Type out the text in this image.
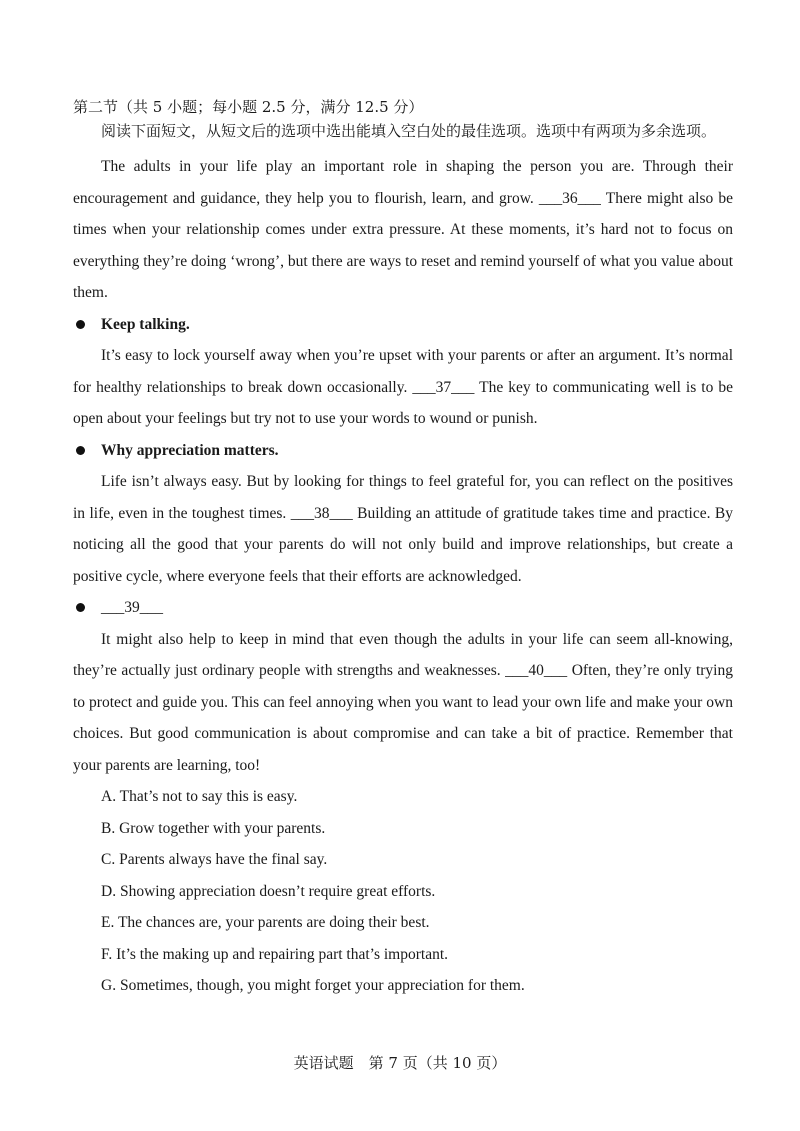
第二节（共 5 小题；每小题 2.5 分，满分 12.5 分）

阅读下面短文，从短文后的选项中选出能填入空白处的最佳选项。选项中有两项为多余选项。

The adults in your life play an important role in shaping the person you are. Through their encouragement and guidance, they help you to flourish, learn, and grow. ___36___ There might also be times when your relationship comes under extra pressure. At these moments, it’s hard not to focus on everything they’re doing ‘wrong’, but there are ways to reset and remind yourself of what you value about them.

Keep talking.

It’s easy to lock yourself away when you’re upset with your parents or after an argument. It’s normal for healthy relationships to break down occasionally. ___37___ The key to communicating well is to be open about your feelings but try not to use your words to wound or punish.

Why appreciation matters.

Life isn’t always easy. But by looking for things to feel grateful for, you can reflect on the positives in life, even in the toughest times. ___38___ Building an attitude of gratitude takes time and practice. By noticing all the good that your parents do will not only build and improve relationships, but create a positive cycle, where everyone feels that their efforts are acknowledged.

___39___

It might also help to keep in mind that even though the adults in your life can seem all-knowing, they’re actually just ordinary people with strengths and weaknesses. ___40___ Often, they’re only trying to protect and guide you. This can feel annoying when you want to lead your own life and make your own choices. But good communication is about compromise and can take a bit of practice. Remember that your parents are learning, too!

A. That’s not to say this is easy.

B. Grow together with your parents.

C. Parents always have the final say.

D. Showing appreciation doesn’t require great efforts.

E. The chances are, your parents are doing their best.

F. It’s the making up and repairing part that’s important.

G. Sometimes, though, you might forget your appreciation for them.

英语试题　第 7 页（共 10 页）
